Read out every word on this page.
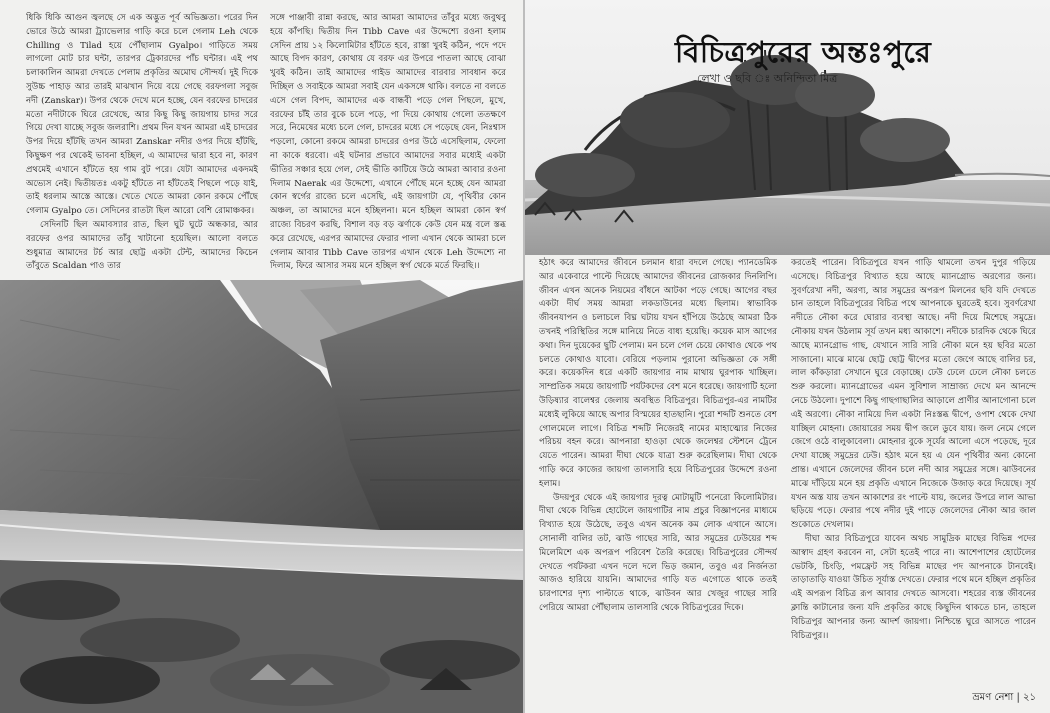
ধিকি ধিকি আগুন জ্বলছে সে এক অদ্ভুত পূর্ব অভিজ্ঞতা। পরের দিন ভোরে উঠে আমরা ট্র্যাভেলার গাড়ি করে চলে গেলাম Leh থেকে Chilling ও Tilad হয়ে পৌঁছালাম Gyalpo। গাড়িতে সময় লাগলো মোট চার ঘন্টা, তারপর ট্রেকারদের পাঁচ ঘন্টার। এই পথ চলাকালিন আমরা দেখতে পেলাম প্রকৃতির অমোঘ সৌন্দর্য। দুই দিকে সুউচ্চ পাহাড় আর তারই মাঝখান দিয়ে বয়ে গেছে বরফগলা সবুজ নদী (Zanskar)। উপর থেকে দেখে মনে হচ্ছে, যেন বরফের চাদরের মতো নদীটাকে ঘিরে রেখেছে, আর কিছু কিছু জায়গায় চাদর সরে গিয়ে দেখা যাচ্ছে সবুজ জলরাশি। প্রথম দিন যখন আমরা এই চাদরের উপর দিয়ে হাঁটছি তখন আমরা Zanskar নদীর ওপর দিয়ে হাঁটছি, কিছুক্ষণ পর থেকেই ভাবনা হচ্ছিল, এ আমাদের দ্বারা হবে না, কারণ প্রথমেই এখানে হাঁটতে হয় গাম বুট পরে। যেটা আমাদের একদমই অভ্যেস নেই। দ্বিতীয়তঃ একটু হাঁটতে না হাঁটতেই পিছলে পড়ে যাই, তাই ধরলাম আস্তে আস্তে। খেতে খেতে আমরা কোন রকমে পৌঁছে গেলাম Gyalpo তে। সেদিনের রাতটা ছিল আরো বেশি রোমাঞ্চকর।

সেদিনটি ছিল অমাবস্যার রাত, ছিল ঘুট ঘুটে অন্ধকার, আর বরফের ওপর আমাদের তাঁবু খাটানো হয়েছিল। আলো বলতে শুধুমাত্র আমাদের টর্চ আর ছোট্ট একটা টেন্ট, আমাদের কিচেন তাঁবুতে Scaldan পাও তার

সঙ্গে পাঞ্জাবী রান্না করছে, আর আমরা আমাদের তাঁবুর মধ্যে জবুথবু হয়ে কাঁপছি। দ্বিতীয় দিন Tibb Cave এর উদ্দেশ্যে রওনা হলাম সেদিন প্রায় ১২ কিলোমিটার হাঁটতে হবে, রাস্তা খুবই কঠিন, পদে পদে আছে বিপদ কারণ, কোথায় যে বরফ এর উপরে পাতলা আছে বোঝা খুবই কঠিন। তাই আমাদের গাইড আমাদের বারবার সাবধান করে দিচ্ছিল ও সবাইকে আমরা সবাই যেন একসঙ্গে থাকি। বলতে না বলতে এসে গেল বিপদ, আমাদের এক বান্ধবী পড়ে গেল পিছলে, মুখে, বরফের চাঁই তার বুকে চলে পড়ে, পা দিয়ে কোথায় গেলো ততক্ষণে সরে, নিমেষের মধ্যে চলে গেল, চাদরের মধ্যে সে পড়েছে যেন, নিঃশ্বাস পড়লো, কোনো রকমে আমরা চাদরের ওপর উঠে এসেছিলাম, ফেলো না কাকে ধরবো। এই ঘটনার প্রভাবে আমাদের সবার মধ্যেই একটা ভীতির সঞ্চার হয়ে গেল, সেই ভীতি কাটিয়ে উঠে আমরা আবার রওনা দিলাম Naerak এর উদ্দেশ্যে, এখানে পৌঁছে মনে হচ্ছে যেন আমরা কোন স্বর্গের রাজ্যে চলে এসেছি, এই জায়গাটা যে, পৃথিবীর কোন অঞ্চল, তা আমাদের মনে হচ্ছিলনা। মনে হচ্ছিল আমরা কোন স্বর্গ রাজ্যে বিচরণ করছি, বিশাল বড় বড় ঝর্ণাকে কেউ যেন মন্ত্র বলে স্তব্ধ করে রেখেছে, এরপর আমাদের ফেরার পালা এখান থেকে আমরা চলে গেলাম আবার Tibb Cave তারপর এখান থেকে Leh উদ্দেশ্যে না দিলাম, ফিরে আসার সময় মনে হচ্ছিল স্বর্গ থেকে মর্তে ফিরছি।।

বিচিত্রপুরের অন্তঃপুরে
লেখা ও ছবি ঃ অনিন্দিতা মিত্র

হঠাৎ করে আমাদের জীবনে চলমান ধারা বদলে গেছে। প্যানডেমিক আর একেবারে পাল্টে দিয়েছে আমাদের জীবনের রোজকার দিনলিপি। জীবন এখন অনেক নিয়মের বাঁধনে আটকা পড়ে গেছে। আগের বছর একটা দীর্ঘ সময় আমরা লকডাউনের মধ্যে ছিলাম। স্বাভাবিক জীবনযাপন ও চলাচলে বিঘ্ন ঘটায় যখন হাঁপিয়ে উঠেছে আমরা ঠিক তখনই পরিস্থিতির সঙ্গে মানিয়ে নিতে বাধ্য হয়েছি। কয়েক মাস আগের কথা। দিন দুয়েকের ছুটি পেলাম। মন চলে গেল চেয়ে কোথাও থেকে পথ চলতে কোথাও যাবো। বেরিয়ে পড়লাম পুরানো অভিজ্ঞতা কে সঙ্গী করে। কয়েকদিন ধরে একটি জায়গার নাম মাথায় ঘুরপাক খাচ্ছিল। সাম্প্রতিক সময়ে জায়গাটি পর্যটকদের বেশ মনে ধরেছে। জায়গাটি হলো উড়িষ্যার বালেশ্বর জেলায় অবস্থিত বিচিত্রপুর। বিচিত্রপুর-এর নামটির মধ্যেই লুকিয়ে আছে অপার বিস্ময়ের হাতছানি। পুরো শব্দটি শুনতে বেশ গোলমেলে লাগে। বিচিত্র শব্দটি নিজেরই নামের মাহাত্ম্যের নিজের পরিচয় বহন করে। আপনারা হাওড়া থেকে জলেশ্বর স্টেশনে ট্রেনে যেতে পারেন। আমরা দীঘা থেকে যাত্রা শুরু করেছিলাম। দীঘা থেকে গাড়ি করে কাজের জায়গা তালসারি হয়ে বিচিত্রপুরের উদ্দেশে রওনা হলাম।

উদয়পুর থেকে এই জায়গার দূরত্ব মোটামুটি পনেরো কিলোমিটার। দীঘা থেকে বিভিন্ন হোটেলে জায়গাটির নাম প্রচুর বিজ্ঞাপনের মাধ্যমে বিখ্যাত হয়ে উঠেছে, তবুও এখন অনেক কম লোক এখানে আসে। সোনালী বালির তট, ঝাউ গাছের সারি, আর সমুদ্রের ঢেউয়ের শব্দ মিলেমিশে এক অপরূপ পরিবেশ তৈরি করেছে। বিচিত্রপুরের সৌন্দর্য দেখতে পর্যটকরা এখন দলে দলে ভিড় জমান, তবুও এর নির্জনতা আজও হারিয়ে যায়নি। আমাদের গাড়ি যত এগোতে থাকে ততই চারপাশের দৃশ্য পাল্টাতে থাকে, ঝাউবন আর খেজুর গাছের সারি পেরিয়ে আমরা পৌঁছালাম তালসারি থেকে বিচিত্রপুরের দিকে।

করতেই পারেন। বিচিত্রপুরে যখন গাড়ি থামলো তখন দুপুর গড়িয়ে এসেছে। বিচিত্রপুর বিখ্যাত হয়ে আছে ম্যানগ্রোভ অরণ্যের জন্য। সুবর্ণরেখা নদী, অরণ্য, আর সমুদ্রের অপরূপ মিলনের ছবি যদি দেখতে চান তাহলে বিচিত্রপুরের বিচিত্র পথে আপনাকে ঘুরতেই হবে। সুবর্ণরেখা নদীতে নৌকা করে ঘোরার ব্যবস্থা আছে। নদী দিয়ে মিশেছে সমুদ্রে। নৌকায় যখন উঠলাম সূর্য তখন মধ্য আকাশে। নদীকে চারদিক থেকে ঘিরে আছে ম্যানগ্রোভ গাছ, যেখানে সারি সারি নৌকা মনে হয় ছবির মতো সাজানো। মাঝে মাঝে ছোট্ট ছোট্ট দ্বীপের মতো জেগে আছে বালির চর, লাল কাঁকড়ারা সেখানে ঘুরে বেড়াচ্ছে। ঢেউ ঢেলে ঢেলে নৌকা চলতে শুরু করলো। ম্যানগ্রোভের এমন সুবিশাল সাম্রাজ্য দেখে মন আনন্দে নেচে উঠলো। দুপাশে কিছু গাছগাছালির আড়ালে প্রাণীর আনাগোনা চলে এই অরণ্যে। নৌকা নামিয়ে দিল একটা নিঃস্তব্ধ দ্বীপে, ওপাশ থেকে দেখা যাচ্ছিল মোহনা। জোয়ারের সময় দ্বীপ জলে ডুবে যায়। জল নেমে গেলে জেগে ওঠে বালুকাবেলা। মোহনার বুকে সূর্যের আলো এসে পড়েছে, দূরে দেখা যাচ্ছে সমুদ্রের ঢেউ। হঠাৎ মনে হয় এ যেন পৃথিবীর অন্য কোনো প্রান্ত। এখানে জেলেদের জীবন চলে নদী আর সমুদ্রের সঙ্গে। ঝাউবনের মাঝে দাঁড়িয়ে মনে হয় প্রকৃতি এখানে নিজেকে উজাড় করে দিয়েছে। সূর্য যখন অস্ত যায় তখন আকাশের রং পাল্টে যায়, জলের উপরে লাল আভা ছড়িয়ে পড়ে। ফেরার পথে নদীর দুই পাড়ে জেলেদের নৌকা আর জাল শুকোতে দেখলাম।

দীঘা আর বিচিত্রপুরে যাবেন অথচ সামুদ্রিক মাছের বিভিন্ন পদের আস্বাদ গ্রহণ করবেন না, সেটা হতেই পারে না। আশেপাশের হোটেলের ভেটকি, চিংড়ি, পমফ্রেট সহ বিভিন্ন মাছের পদ আপনাকে টানবেই। তাড়াতাড়ি যাওয়া উচিত সূর্যাস্ত দেখতে। ফেরার পথে মনে হচ্ছিল প্রকৃতির এই অপরূপ বিচিত্র রূপ আবার দেখতে আসবো। শহরের ব্যস্ত জীবনের ক্লান্তি কাটানোর জন্য যদি প্রকৃতির কাছে কিছুদিন থাকতে চান, তাহলে বিচিত্রপুর আপনার জন্য আদর্শ জায়গা। নিশ্চিন্তে ঘুরে আসতে পারেন বিচিত্রপুর।।

ভ্রমণ নেশা | ২১
